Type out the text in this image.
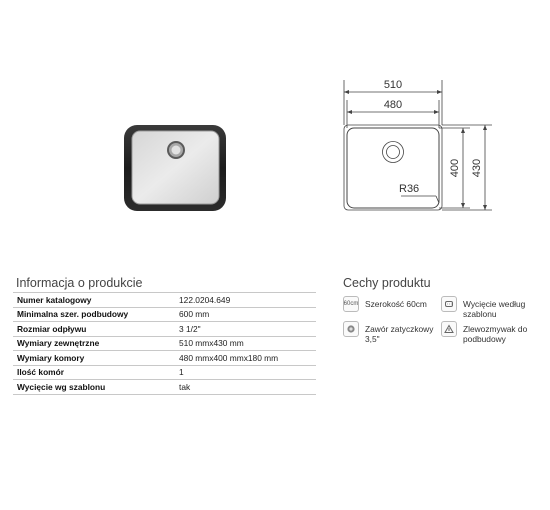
510
480
400 430
R36
Informacja o produkcie
Numer katalogowy	122.0204.649
Minimalna szer. podbudowy	600 mm
Rozmiar odpływu	3 1/2"
Wymiary zewnętrzne	510 mmx430 mm
Wymiary komory	480 mmx400 mmx180 mm
Ilość komór	1
Wycięcie wg szablonu	tak
Cechy produktu
60cm Szerokość 60cm	Wycięcie według szablonu
Zawór zatyczkowy 3,5"
Zlewozmywak do podbudowy
